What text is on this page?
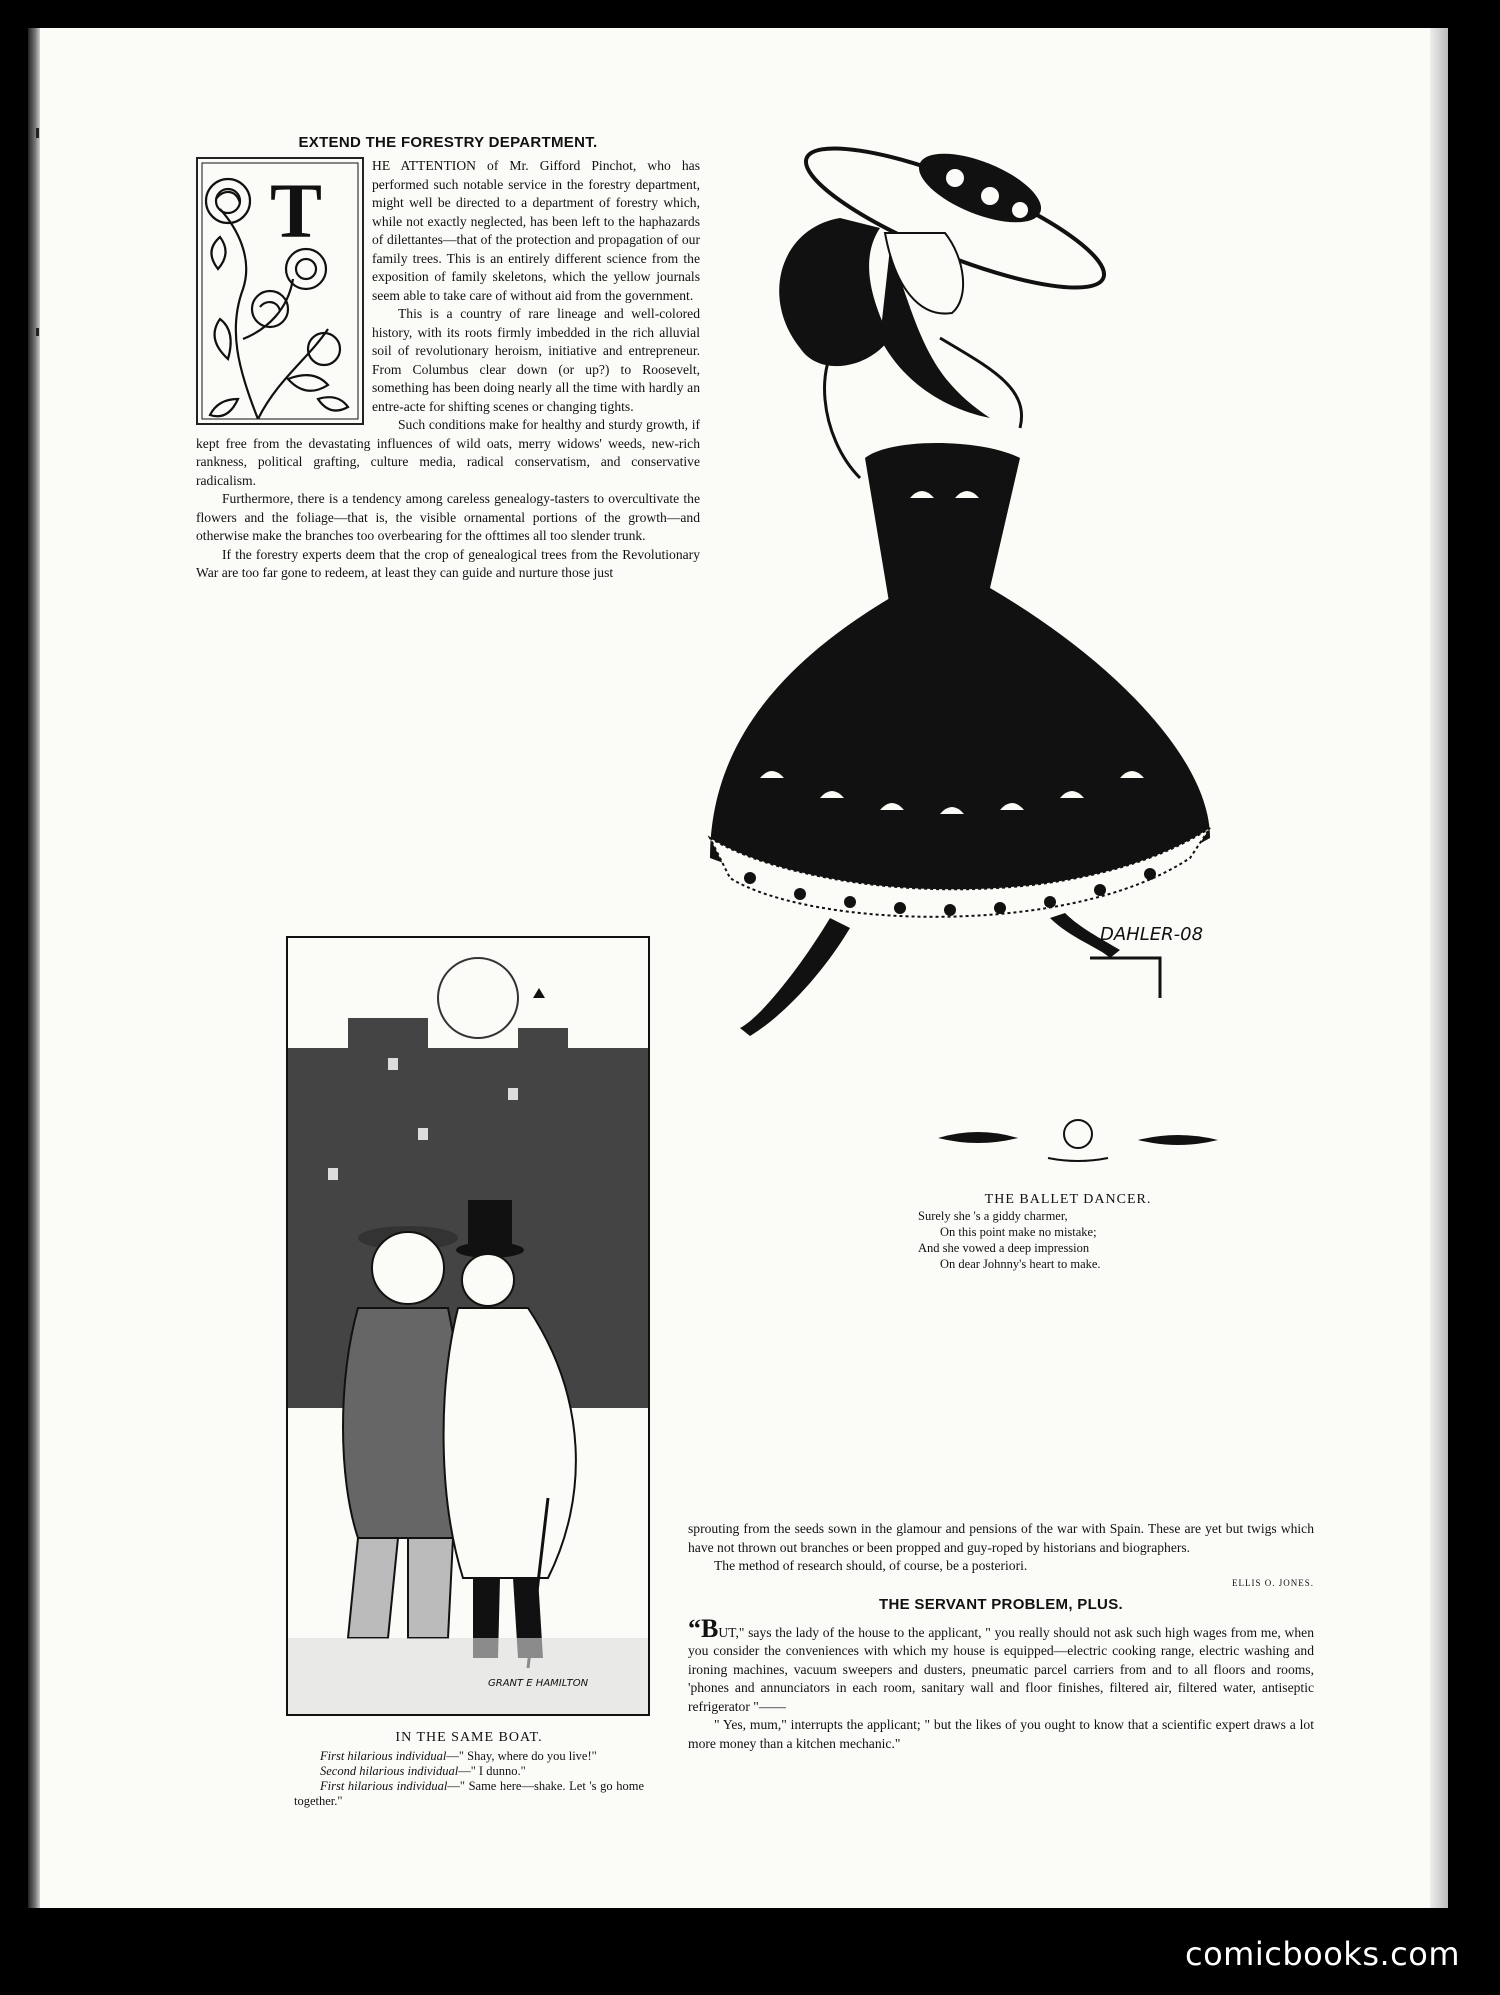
EXTEND THE FORESTRY DEPARTMENT.
T

HE ATTENTION of Mr. Gifford Pinchot, who has performed such notable service in the forestry department, might well be directed to a department of forestry which, while not exactly neglected, has been left to the haphazards of dilettantes—that of the protection and propagation of our family trees. This is an entirely different science from the exposition of family skeletons, which the yellow journals seem able to take care of without aid from the government.

This is a country of rare lineage and well-colored history, with its roots firmly imbedded in the rich alluvial soil of revolutionary heroism, initiative and entrepreneur. From Columbus clear down (or up?) to Roosevelt, something has been doing nearly all the time with hardly an entre-acte for shifting scenes or changing tights.

Such conditions make for healthy and sturdy growth, if kept free from the devastating influences of wild oats, merry widows' weeds, new-rich rankness, political grafting, culture media, radical conservatism, and conservative radicalism.

Furthermore, there is a tendency among careless genealogy-tasters to overcultivate the flowers and the foliage—that is, the visible ornamental portions of the growth—and otherwise make the branches too overbearing for the ofttimes all too slender trunk.

If the forestry experts deem that the crop of genealogical trees from the Revolutionary War are too far gone to redeem, at least they can guide and nurture those just

DAHLER-08
THE BALLET DANCER.
Surely she 's a giddy charmer,
On this point make no mistake;
And she vowed a deep impression
On dear Johnny's heart to make.
GRANT E HAMILTON
IN THE SAME BOAT.

First hilarious individual—" Shay, where do you live!"

Second hilarious individual—" I dunno."

First hilarious individual—" Same here—shake. Let 's go home together."

sprouting from the seeds sown in the glamour and pensions of the war with Spain. These are yet but twigs which have not thrown out branches or been propped and guy-roped by historians and biographers.

The method of research should, of course, be a posteriori.

ELLIS O. JONES.
THE SERVANT PROBLEM, PLUS.

“BUT," says the lady of the house to the applicant, " you really should not ask such high wages from me, when you consider the conveniences with which my house is equipped—electric cooking range, electric washing and ironing machines, vacuum sweepers and dusters, pneumatic parcel carriers from and to all floors and rooms, 'phones and annunciators in each room, sanitary wall and floor finishes, filtered air, filtered water, antiseptic refrigerator "——

" Yes, mum," interrupts the applicant; " but the likes of you ought to know that a scientific expert draws a lot more money than a kitchen mechanic."

comicbooks.com
